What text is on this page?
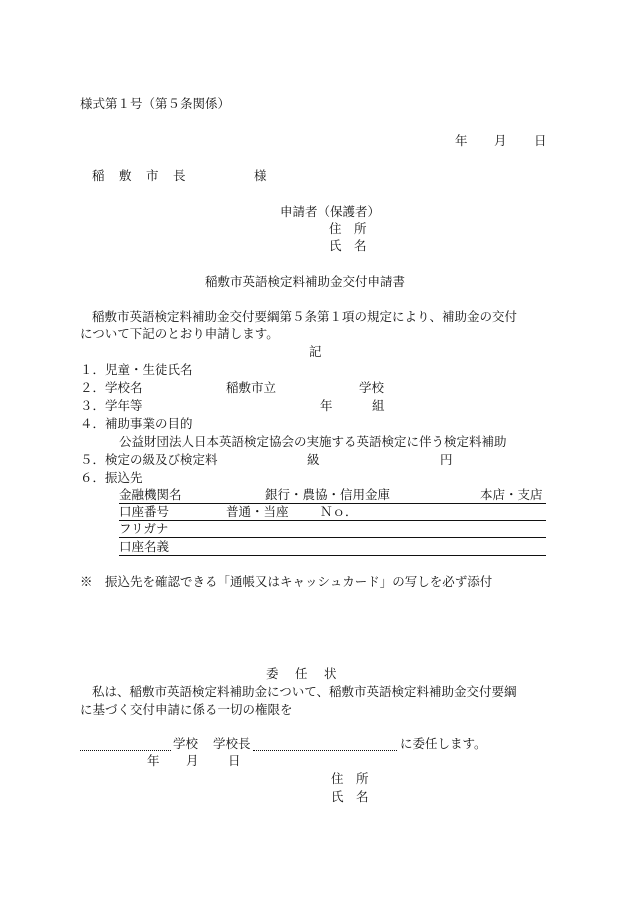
様式第１号（第５条関係）
年 月 日
稲　敷　市　長	様
申請者（保護者）
住　所
氏　名
稲敷市英語検定料補助金交付申請書
稲敷市英語検定料補助金交付要綱第５条第１項の規定により、補助金の交付
について下記のとおり申請します。
記
１．児童・生徒氏名
２．学校名	稲敷市立	学校
３．学年等	年	組
４．補助事業の目的
公益財団法人日本英語検定協会の実施する英語検定に伴う検定料補助
５．検定の級及び検定料	級	円
６．振込先
金融機関名	銀行・農協・信用金庫	本店・支店
口座番号	普通・当座	Ｎｏ．
フリガナ
口座名義
※　振込先を確認できる「通帳又はキャッシュカード」の写しを必ず添付
委　任　状
私は、稲敷市英語検定料補助金について、稲敷市英語検定料補助金交付要綱
に基づく交付申請に係る一切の権限を
学校 学校長	に委任します。
年 月 日
住　所
氏　名
